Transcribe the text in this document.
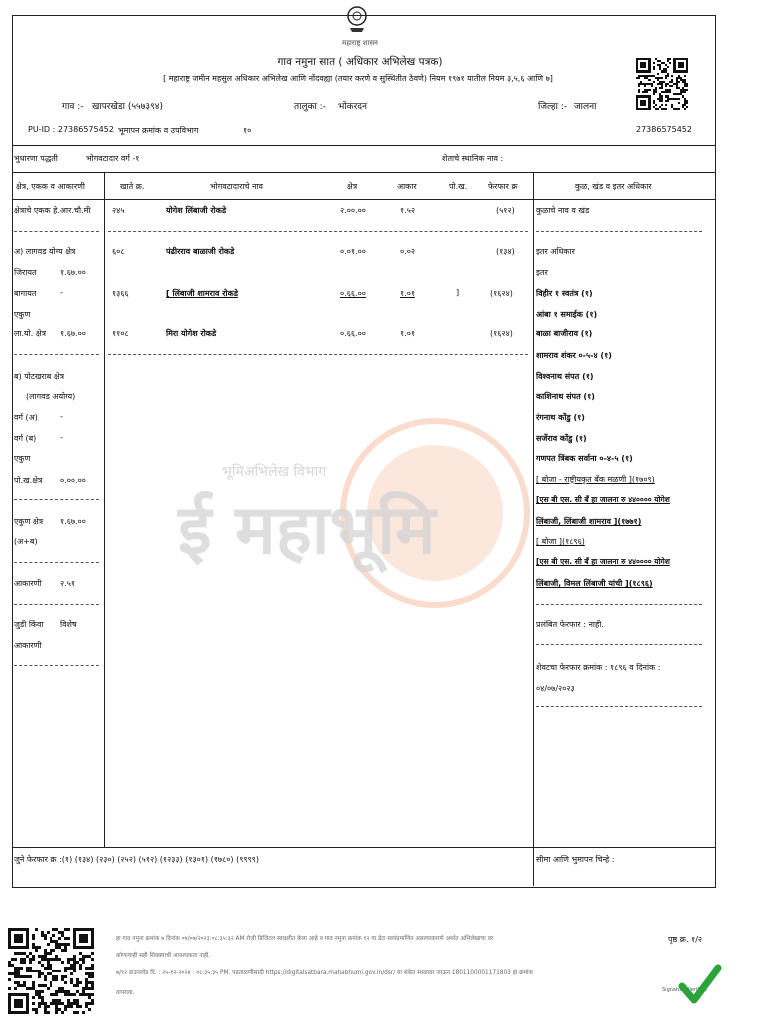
महाराष्ट्र शासन
गाव नमुना सात ( अधिकार अभिलेख पत्रक)
[ महाराष्ट्र जमीन महसुल अधिकार अभिलेख आणि नोंदवह्या (तयार करणे व सुस्थितीत ठेवणे) नियम १९७१ यातील नियम ३,५,६ आणि ७]
गाव :- खापरखेडा (५५७३९४)	तालुका :- भोकरदन	जिल्हा :- जालना
PU-ID : 27386575452 भूमापन क्रमांक व उपविभाग	१०	27386575452
भुधारणा पद्धती	भोगवटादार वर्ग -१	शेताचे स्थानिक नाव :
क्षेत्र, एकक व आकारणी	खाते क्र.	भोगवटादाराचे नाव	क्षेत्र	आकार	पो.ख.	फेरफार क्र	कुळ, खंड व इतर अधिकार
क्षेत्राचे एकक हे.आर.चौ.मी
अ) लागवड योग्य क्षेत्र
जिरायत	१.६७.००
बागायत	-
एकुण
ला.यो. क्षेत्र १.६७.००
ब) पोटखराब क्षेत्र
(लागवड अयोग्य)
वर्ग (अ)	-
वर्ग (ब)	-
एकुण
पो.ख.क्षेत्र ०.००.००
एकुण क्षेत्र १.६७.००
(अ+ब)
आकारणी २.५१
जुडी किंवा विशेष
आकारणी
२४५	योगेश लिंबाजी रोकडे	२.००.००	१.५२	(५१२)
६०८	पंढीरराव बाळाजी रोकडे	०.०१.००	०.०२	(१३४)
१३६६	[ लिंबाजी शामराव रोकडे	०.६६.००	१.०१	]	(१६२४)
११०८	मिरा योगेश रोकडे	०.६६.००	१.०१	(१६२४)
कुळाचे नाव व खंड
इतर अधिकार
इतर
विहीर १ स्वतंत्र (१)
आंबा १ समाईक (१)
बाळा बाजीराव (१)
शामराव शंकर ०-५-४ (१)
विश्वनाथ संपत (१)
काशिनाथ संपत (१)
रंगनाथ कोंडु (१)
सर्जेराव कोंडु (१)
गणपत त्रिंबक सर्वाना ०-४-५ (१)
[ बोजा - राष्ट्रीयकृत बँक मळणी ](१७०९)
[एस बी एस. सी बँ हा जालना रु ४४०००० योगेश
लिंबाजी, लिंबाजी शामराव ](१७७१)
[ बोजा ](१८९६)
[एस बी एस. सी बँ हा जालना रु ४४०००० योगेश
लिंबाजी, विमल लिंबाजी यांची ](१८९६)
प्रलंबित फेरफार : नाही.
शेवटचा फेरफार क्रमांक : १८९६ व दिनांक :
०४/०७/२०२३
भूमिअभिलेख विभाग
ई महाभूमि
जुने फेरफार क्र :(१) (१३४) (२३०) (२५२) (५१२) (१२३३) (१३०१) (१७८०) (९९९९)	सीमा आणि भुमापन चिन्हे :
हा गाव नमुना क्रमांक ७ दिनांक ०४/०७/२०२३:०८:३५:३२ AM रोजी डिजिटल स्वाक्षरीत केला आहे व गाव नमुना क्रमांक १२ या डेटा स्वयंप्रमाणित असल्याकारणे अर्थात अभिलेखाचा वर
कोणत्याही सही शिक्क्याची आवश्यकता नाही.
७/१२ डाउनलोड दि. : २५-१२-२०२४ : ०८:३५:३५ PM. पडताळणीसाठी https://digitalsatbara.mahabhumi.gov.in/dsr/ या संकेत स्थळावर जाऊन 1801100001171803 हा क्रमांक
वापरावा.
पृष्ठ क्र. १/२
Signature Verified
